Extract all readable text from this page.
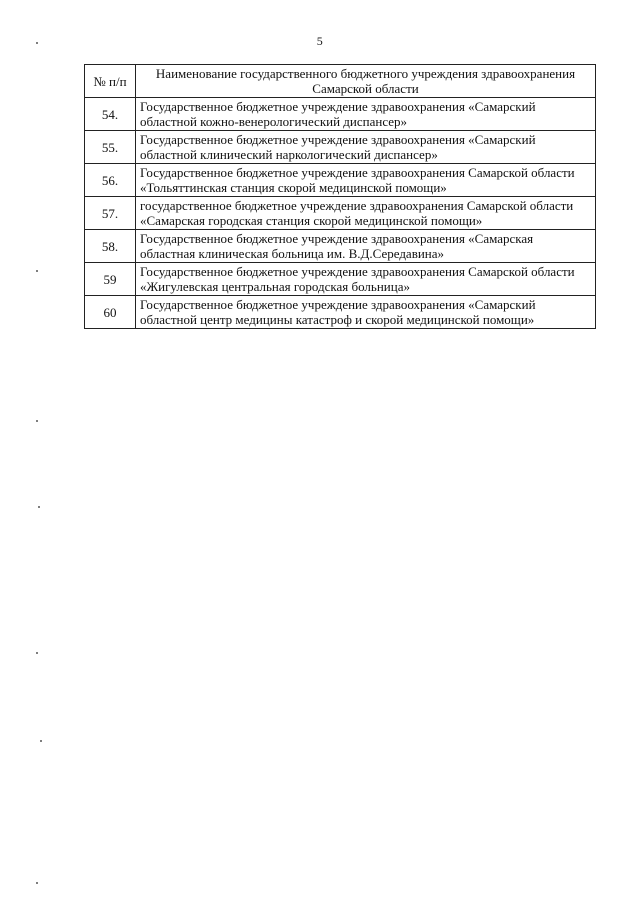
5
№ п/п	Наименование государственного бюджетного учреждения здравоохранения Самарской области
54.	Государственное бюджетное учреждение здравоохранения «Самарский областной кожно-венерологический диспансер»
55.	Государственное бюджетное учреждение здравоохранения «Самарский областной клинический наркологический диспансер»
56.	Государственное бюджетное учреждение здравоохранения Самарской области «Тольяттинская станция скорой медицинской помощи»
57.	государственное бюджетное учреждение здравоохранения Самарской области «Самарская городская станция скорой медицинской помощи»
58.	Государственное бюджетное учреждение здравоохранения «Самарская областная клиническая больница им. В.Д.Середавина»
59	Государственное бюджетное учреждение здравоохранения Самарской области «Жигулевская центральная городская больница»
60	Государственное бюджетное учреждение здравоохранения «Самарский областной центр медицины катастроф и скорой медицинской помощи»
